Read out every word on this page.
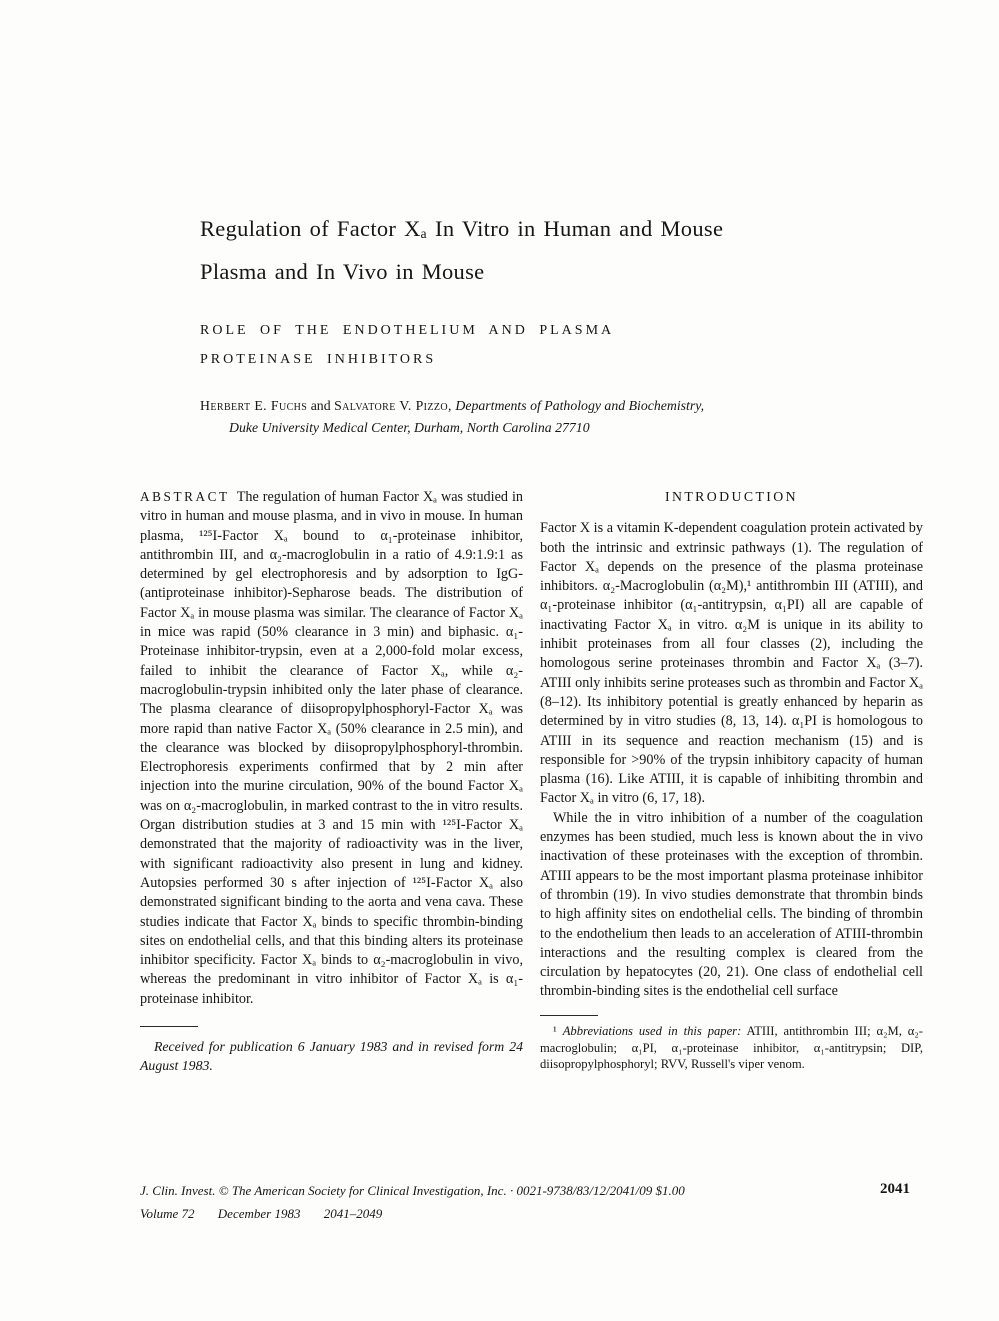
Regulation of Factor Xₐ In Vitro in Human and Mouse
Plasma and In Vivo in Mouse
ROLE OF THE ENDOTHELIUM AND PLASMA
PROTEINASE INHIBITORS

Herbert E. Fuchs and Salvatore V. Pizzo, Departments of Pathology and Biochemistry, Duke University Medical Center, Durham, North Carolina 27710

ABSTRACT The regulation of human Factor Xₐ was studied in vitro in human and mouse plasma, and in vivo in mouse. In human plasma, ¹²⁵I-Factor Xₐ bound to α₁-proteinase inhibitor, antithrombin III, and α₂-macroglobulin in a ratio of 4.9:1.9:1 as determined by gel electrophoresis and by adsorption to IgG-(antiproteinase inhibitor)-Sepharose beads. The distribution of Factor Xₐ in mouse plasma was similar. The clearance of Factor Xₐ in mice was rapid (50% clearance in 3 min) and biphasic. α₁-Proteinase inhibitor-trypsin, even at a 2,000-fold molar excess, failed to inhibit the clearance of Factor Xₐ, while α₂-macroglobulin-trypsin inhibited only the later phase of clearance. The plasma clearance of diisopropylphosphoryl-Factor Xₐ was more rapid than native Factor Xₐ (50% clearance in 2.5 min), and the clearance was blocked by diisopropylphosphoryl-thrombin. Electrophoresis experiments confirmed that by 2 min after injection into the murine circulation, 90% of the bound Factor Xₐ was on α₂-macroglobulin, in marked contrast to the in vitro results. Organ distribution studies at 3 and 15 min with ¹²⁵I-Factor Xₐ demonstrated that the majority of radioactivity was in the liver, with significant radioactivity also present in lung and kidney. Autopsies performed 30 s after injection of ¹²⁵I-Factor Xₐ also demonstrated significant binding to the aorta and vena cava. These studies indicate that Factor Xₐ binds to specific thrombin-binding sites on endothelial cells, and that this binding alters its proteinase inhibitor specificity. Factor Xₐ binds to α₂-macroglobulin in vivo, whereas the predominant in vitro inhibitor of Factor Xₐ is α₁-proteinase inhibitor.

Received for publication 6 January 1983 and in revised form 24 August 1983.

INTRODUCTION

Factor X is a vitamin K-dependent coagulation protein activated by both the intrinsic and extrinsic pathways (1). The regulation of Factor Xₐ depends on the presence of the plasma proteinase inhibitors. α₂-Macroglobulin (α₂M),¹ antithrombin III (ATIII), and α₁-proteinase inhibitor (α₁-antitrypsin, α₁PI) all are capable of inactivating Factor Xₐ in vitro. α₂M is unique in its ability to inhibit proteinases from all four classes (2), including the homologous serine proteinases thrombin and Factor Xₐ (3–7). ATIII only inhibits serine proteases such as thrombin and Factor Xₐ (8–12). Its inhibitory potential is greatly enhanced by heparin as determined by in vitro studies (8, 13, 14). α₁PI is homologous to ATIII in its sequence and reaction mechanism (15) and is responsible for >90% of the trypsin inhibitory capacity of human plasma (16). Like ATIII, it is capable of inhibiting thrombin and Factor Xₐ in vitro (6, 17, 18).

While the in vitro inhibition of a number of the coagulation enzymes has been studied, much less is known about the in vivo inactivation of these proteinases with the exception of thrombin. ATIII appears to be the most important plasma proteinase inhibitor of thrombin (19). In vivo studies demonstrate that thrombin binds to high affinity sites on endothelial cells. The binding of thrombin to the endothelium then leads to an acceleration of ATIII-thrombin interactions and the resulting complex is cleared from the circulation by hepatocytes (20, 21). One class of endothelial cell thrombin-binding sites is the endothelial cell surface

¹ Abbreviations used in this paper: ATIII, antithrombin III; α₂M, α₂-macroglobulin; α₁PI, α₁-proteinase inhibitor, α₁-antitrypsin; DIP, diisopropylphosphoryl; RVV, Russell's viper venom.

J. Clin. Invest. © The American Society for Clinical Investigation, Inc. · 0021-9738/83/12/2041/09 $1.00	2041
Volume 72 December 1983 2041–2049
